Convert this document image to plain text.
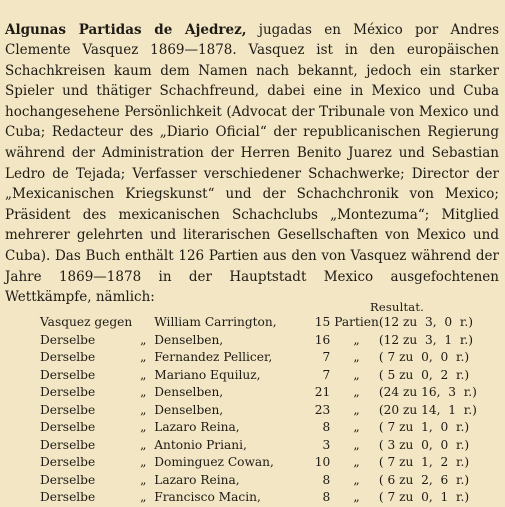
Algunas Partidas de Ajedrez, jugadas en México por Andres Clemente Vasquez 1869—1878. Vasquez ist in den europäischen Schachkreisen kaum dem Namen nach bekannt, jedoch ein starker Spieler und thätiger Schachfreund, dabei eine in Mexico und Cuba hochangesehene Persönlichkeit (Advocat der Tribunale von Mexico und Cuba; Redacteur des „Diario Oficial“ der republicanischen Regierung während der Administration der Herren Benito Juarez und Sebastian Ledro de Tejada; Verfasser verschiedener Schachwerke; Director der „Mexicanischen Kriegskunst“ und der Schachchronik von Mexico; Präsident des mexicanischen Schachclubs „Montezuma“; Mitglied mehrerer gelehrten und literarischen Gesellschaften von Mexico und Cuba). Das Buch enthält 126 Partien aus den von Vasquez während der Jahre 1869—1878 in der Hauptstadt Mexico ausgefochtenen Wettkämpfe, nämlich:

Resultat.
Vasquez gegen		William Carrington,	15	Partien	(12 zu  3,  0  r.)
Derselbe	„	Denselben,	16	„	(12 zu  3,  1  r.)
Derselbe	„	Fernandez Pellicer,	7	„	( 7 zu  0,  0  r.)
Derselbe	„	Mariano Equiluz,	7	„	( 5 zu  0,  2  r.)
Derselbe	„	Denselben,	21	„	(24 zu 16,  3  r.)
Derselbe	„	Denselben,	23	„	(20 zu 14,  1  r.)
Derselbe	„	Lazaro Reina,	8	„	( 7 zu  1,  0  r.)
Derselbe	„	Antonio Priani,	3	„	( 3 zu  0,  0  r.)
Derselbe	„	Dominguez Cowan,	10	„	( 7 zu  1,  2  r.)
Derselbe	„	Lazaro Reina,	8	„	( 6 zu  2,  6  r.)
Derselbe	„	Francisco Macin,	8	„	( 7 zu  0,  1  r.)
